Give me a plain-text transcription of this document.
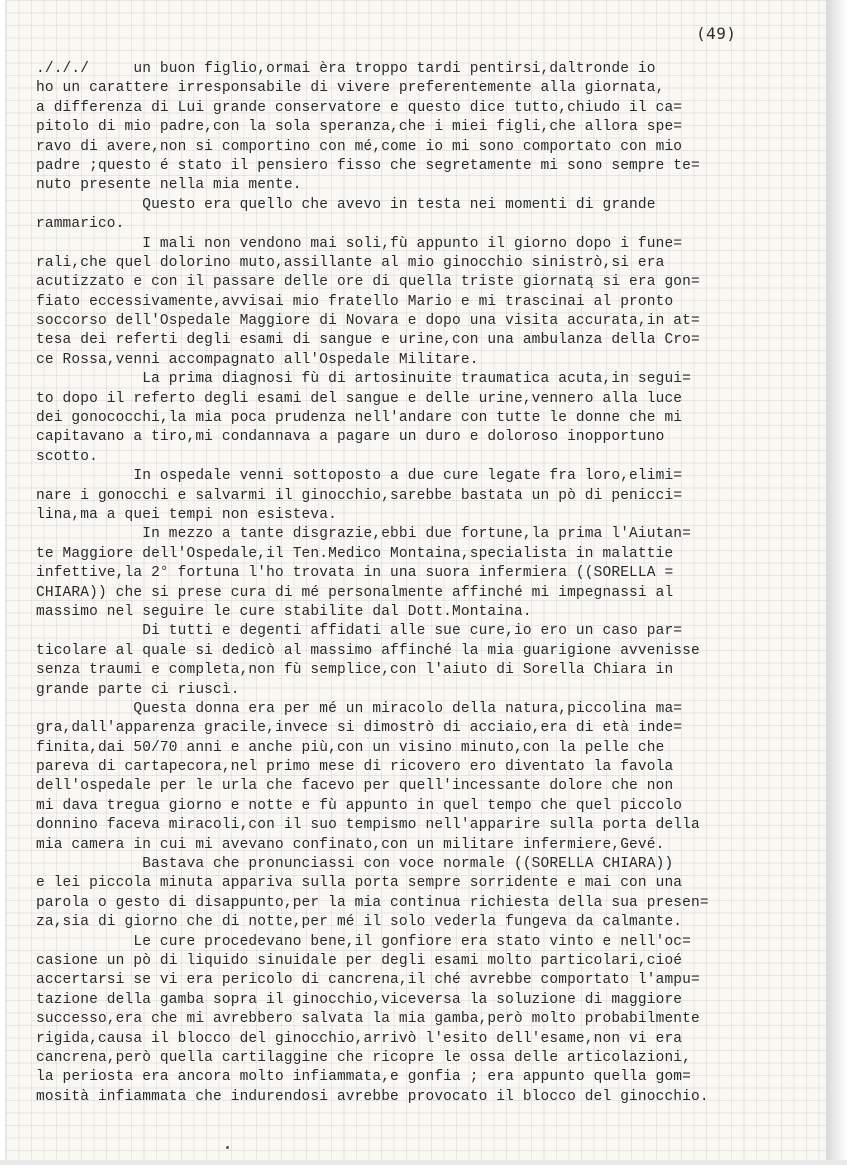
(49)
./././     un buon figlio,ormai èra troppo tardi pentirsi,daltronde io
ho un carattere irresponsabile di vivere preferentemente alla giornata,
a differenza di Lui grande conservatore e questo dice tutto,chiudo il ca=
pitolo di mio padre,con la sola speranza,che i miei figli,che allora spe=
ravo di avere,non si comportino con mé,come io mi sono comportato con mio
padre ;questo é stato il pensiero fisso che segretamente mi sono sempre te=
nuto presente nella mia mente.
Questo era quello che avevo in testa nei momenti di grande
rammarico.
I mali non vendono mai soli,fù appunto il giorno dopo i fune=
rali,che quel dolorino muto,assillante al mio ginocchio sinistrò,si era
acutizzato e con il passare delle ore di quella triste giornatą si era gon=
fiato eccessivamente,avvisai mio fratello Mario e mi trascinai al pronto
soccorso dell'Ospedale Maggiore di Novara e dopo una visita accurata,in at=
tesa dei referti degli esami di sangue e urine,con una ambulanza della Cro=
ce Rossa,venni accompagnato all'Ospedale Militare.
La prima diagnosi fù di artosinuite traumatica acuta,in segui=
to dopo il referto degli esami del sangue e delle urine,vennero alla luce
dei gonococchi,la mia poca prudenza nell'andare con tutte le donne che mi
capitavano a tiro,mi condannava a pagare un duro e doloroso inopportuno
scotto.
In ospedale venni sottoposto a due cure legate fra loro,elimi=
nare i gonocchi e salvarmi il ginocchio,sarebbe bastata un pò di penicci=
lina,ma a quei tempi non esisteva.
In mezzo a tante disgrazie,ebbi due fortune,la prima l'Aiutan=
te Maggiore dell'Ospedale,il Ten.Medico Montaina,specialista in malattie
infettive,la 2° fortuna l'ho trovata in una suora infermiera ((SORELLA =
CHIARA)) che si prese cura di mé personalmente affinché mi impegnassi al
massimo nel seguire le cure stabilite dal Dott.Montaina.
Di tutti e degenti affidati alle sue cure,io ero un caso par=
ticolare al quale si dedicò al massimo affinché la mia guarigione avvenisse
senza traumi e completa,non fù semplice,con l'aiuto di Sorella Chiara in
grande parte ci riuscì.
Questa donna era per mé un miracolo della natura,piccolina ma=
gra,dall'apparenza gracile,invece si dimostrò di acciaio,era di età inde=
finita,dai 50/70 anni e anche più,con un visino minuto,con la pelle che
pareva di cartapecora,nel primo mese di ricovero ero diventato la favola
dell'ospedale per le urla che facevo per quell'incessante dolore che non
mi dava tregua giorno e notte e fù appunto in quel tempo che quel piccolo
donnino faceva miracoli,con il suo tempismo nell'apparire sulla porta della
mia camera in cui mi avevano confinato,con un militare infermiere,Gevé.
Bastava che pronunciassi con voce normale ((SORELLA CHIARA))
e lei piccola minuta appariva sulla porta sempre sorridente e mai con una
parola o gesto di disappunto,per la mia continua richiesta della sua presen=
za,sia di giorno che di notte,per mé il solo vederla fungeva da calmante.
Le cure procedevano bene,il gonfiore era stato vinto e nell'oc=
casione un pò di liquido sinuidale per degli esami molto particolari,cioé
accertarsi se vi era pericolo di cancrena,il ché avrebbe comportato l'ampu=
tazione della gamba sopra il ginocchio,viceversa la soluzione di maggiore
successo,era che mi avrebbero salvata la mia gamba,però molto probabilmente
rigida,causa il blocco del ginocchio,arrivò l'esito dell'esame,non vi era
cancrena,però quella cartilaggine che ricopre le ossa delle articolazioni,
la periosta era ancora molto infiammata,e gonfia ; era appunto quella gom=
mosità infiammata che indurendosi avrebbe provocato il blocco del ginocchio.
